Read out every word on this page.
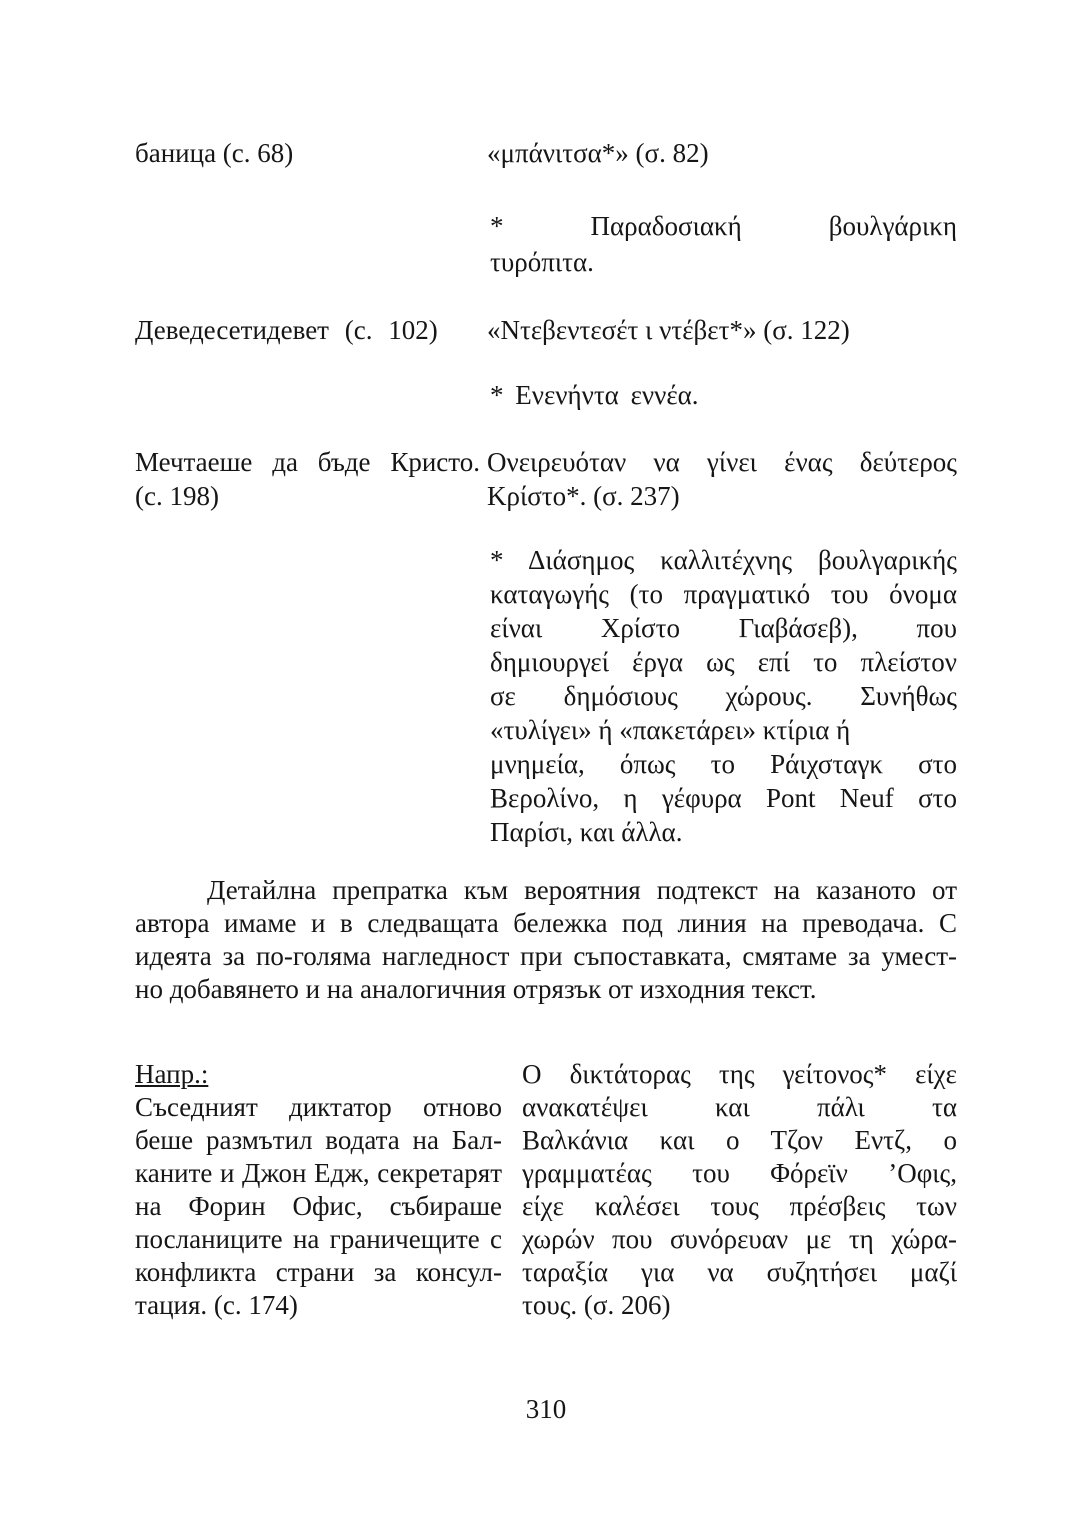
баница (с. 68)	«μπάνιτσα*» (σ. 82)
* Παραδοσιακή βουλγάρικη
τυρόπιτα.
Деведесетидевет (с. 102)	«Ντεβεντεσέτ ι ντέβετ*» (σ. 122)
* Ενενήντα εννέα.
Мечтаеше да бъде Кристо.
(с. 198)
Ονειρευόταν να γίνει ένας δεύτερος
Κρίστο*. (σ. 237)
* Διάσημος καλλιτέχνης βουλγαρικής
καταγωγής (το πραγματικό του όνομα
είναι Χρίστο Γιαβάσεβ), που
δημιουργεί έργα ως επί το πλείστον
σε δημόσιους χώρους. Συνήθως
«τυλίγει» ή «πακετάρει» κτίρια ή
μνημεία, όπως το Ράιχσταγκ στο
Βερολίνο, η γέφυρα Pont Neuf στο
Παρίσι, και άλλα.
Детайлна препратка към вероятния подтекст на казаното от
автора имаме и в следващата бележка под линия на преводача. С
идеята за по-голяма нагледност при съпоставката, смятаме за умест-
но добавянето и на аналогичния отрязък от изходния текст.
Напр.:
Съседният диктатор отново
беше размътил водата на Бал-
каните и Джон Едж, секретарят
на Форин Офис, събираше
посланиците на граничещите с
конфликта страни за консул-
тация. (с. 174)
Ο δικτάτορας της γείτονος* είχε
ανακατέψει και πάλι τα
Βαλκάνια και ο Τζον Εντζ, ο
γραμματέας του Φόρεϊν ’Οφις,
είχε καλέσει τους πρέσβεις των
χωρών που συνόρευαν με τη χώρα-
ταραξία για να συζητήσει μαζί
τους. (σ. 206)
310
